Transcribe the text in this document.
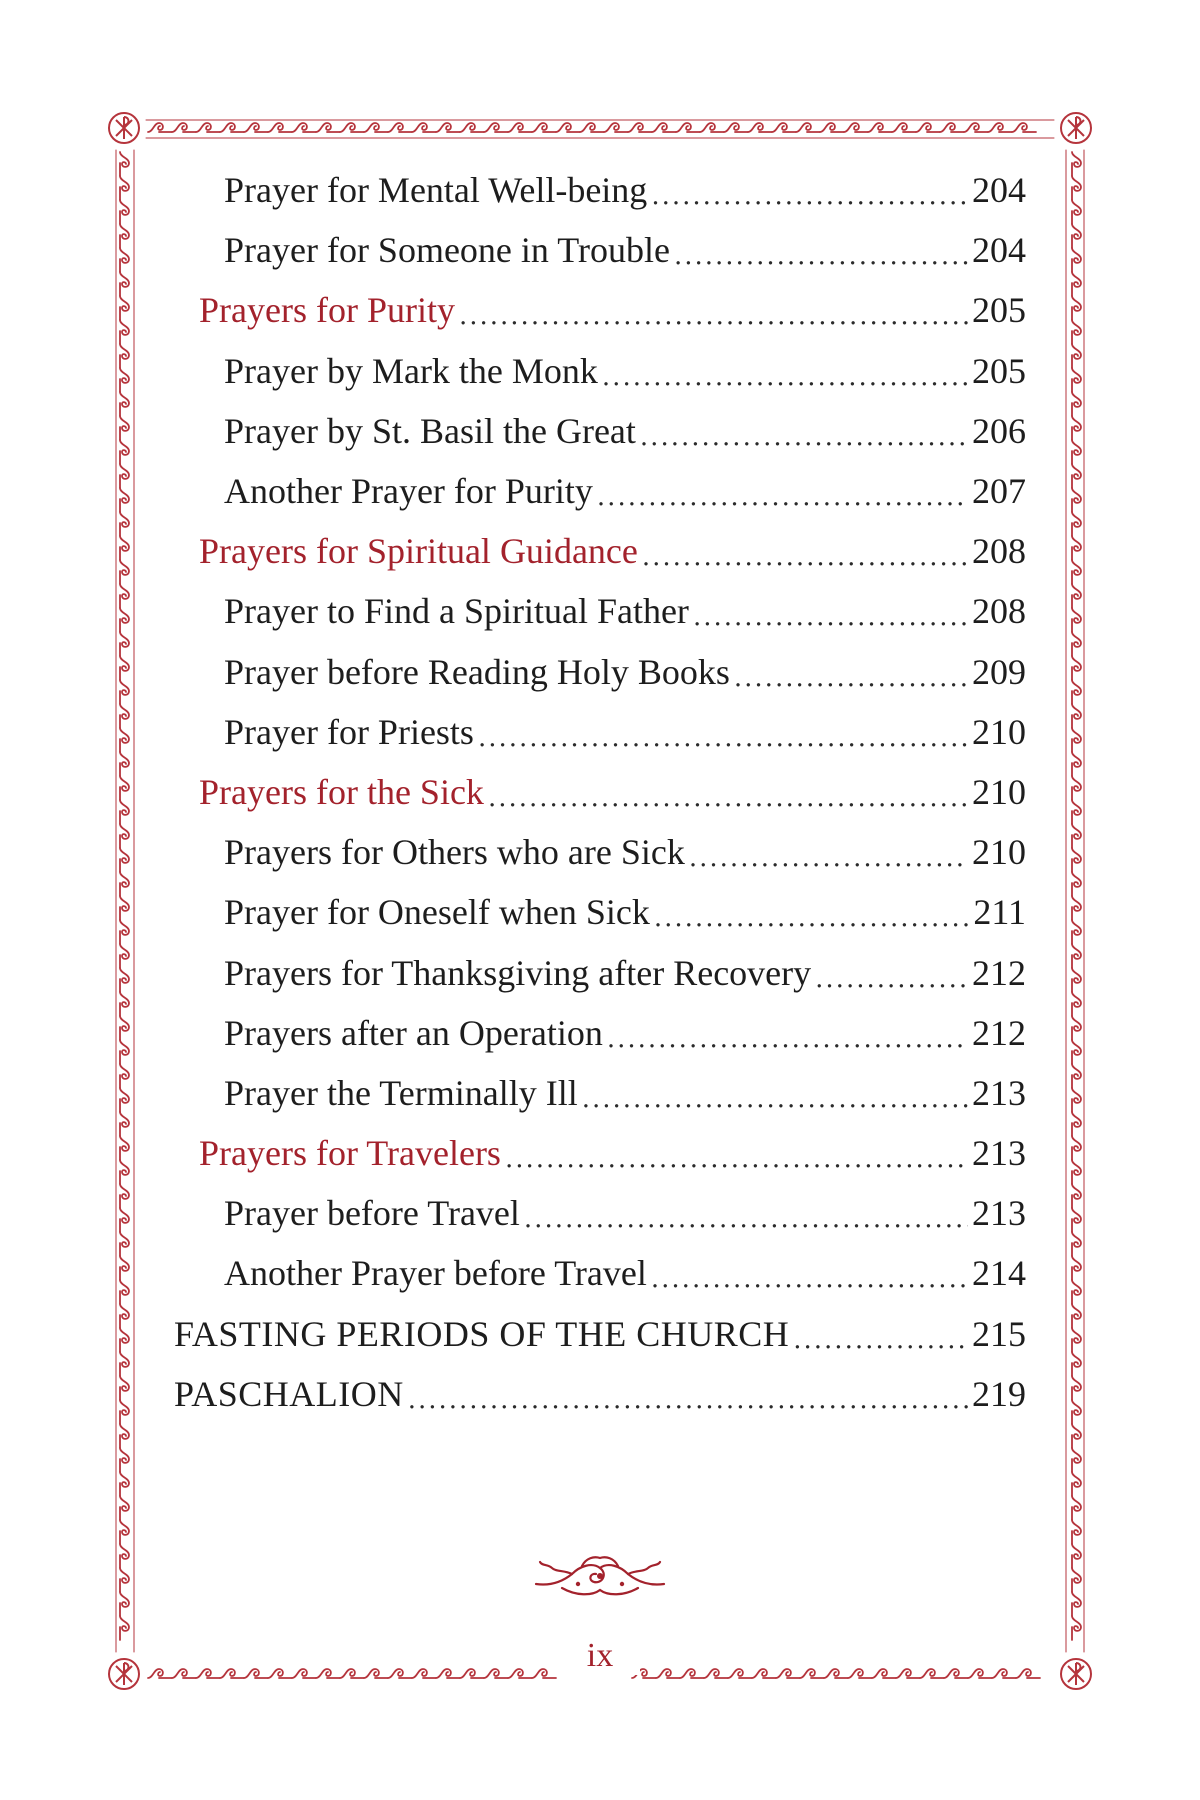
Prayer for Mental Well-being .....	204
Prayer for Someone in Trouble .....	204
Prayers for Purity .....	205
Prayer by Mark the Monk .....	205
Prayer by St. Basil the Great .....	206
Another Prayer for Purity .....	207
Prayers for Spiritual Guidance .....	208
Prayer to Find a Spiritual Father .....	208
Prayer before Reading Holy Books .....	209
Prayer for Priests .....	210
Prayers for the Sick .....	210
Prayers for Others who are Sick .....	210
Prayer for Oneself when Sick .....	211
Prayers for Thanksgiving after Recovery .....	212
Prayers after an Operation .....	212
Prayer the Terminally Ill .....	213
Prayers for Travelers .....	213
Prayer before Travel .....	213
Another Prayer before Travel .....	214
FASTING PERIODS OF THE CHURCH .....	215
PASCHALION .....	219
ix
